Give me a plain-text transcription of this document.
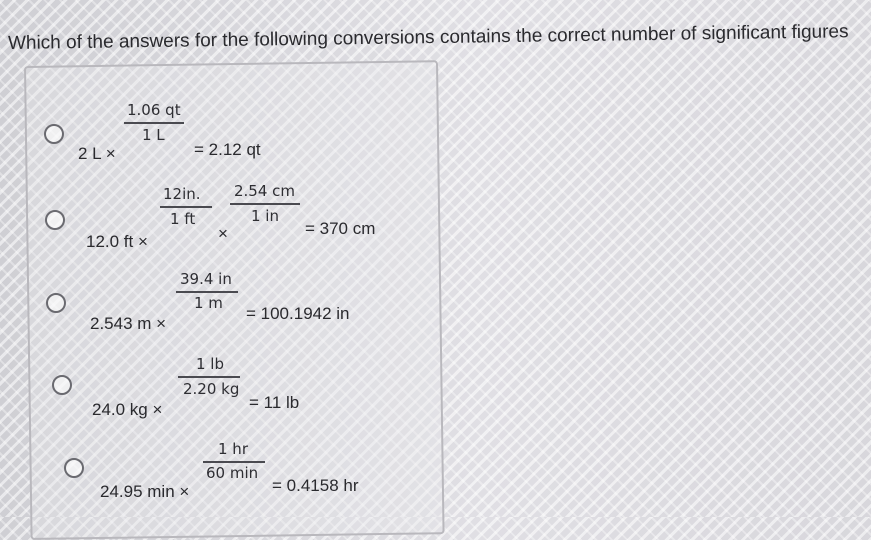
Which of the answers for the following conversions contains the correct number of significant figures
2 L ×
1.06 qt
1 L
= 2.12 qt
12.0 ft ×
12in.
1 ft
×
2.54 cm
1 in
= 370 cm
2.543 m ×
39.4 in
1 m
= 100.1942 in
24.0 kg ×
1 lb
2.20 kg
= 11 lb
24.95 min ×
1 hr
60 min
= 0.4158 hr
